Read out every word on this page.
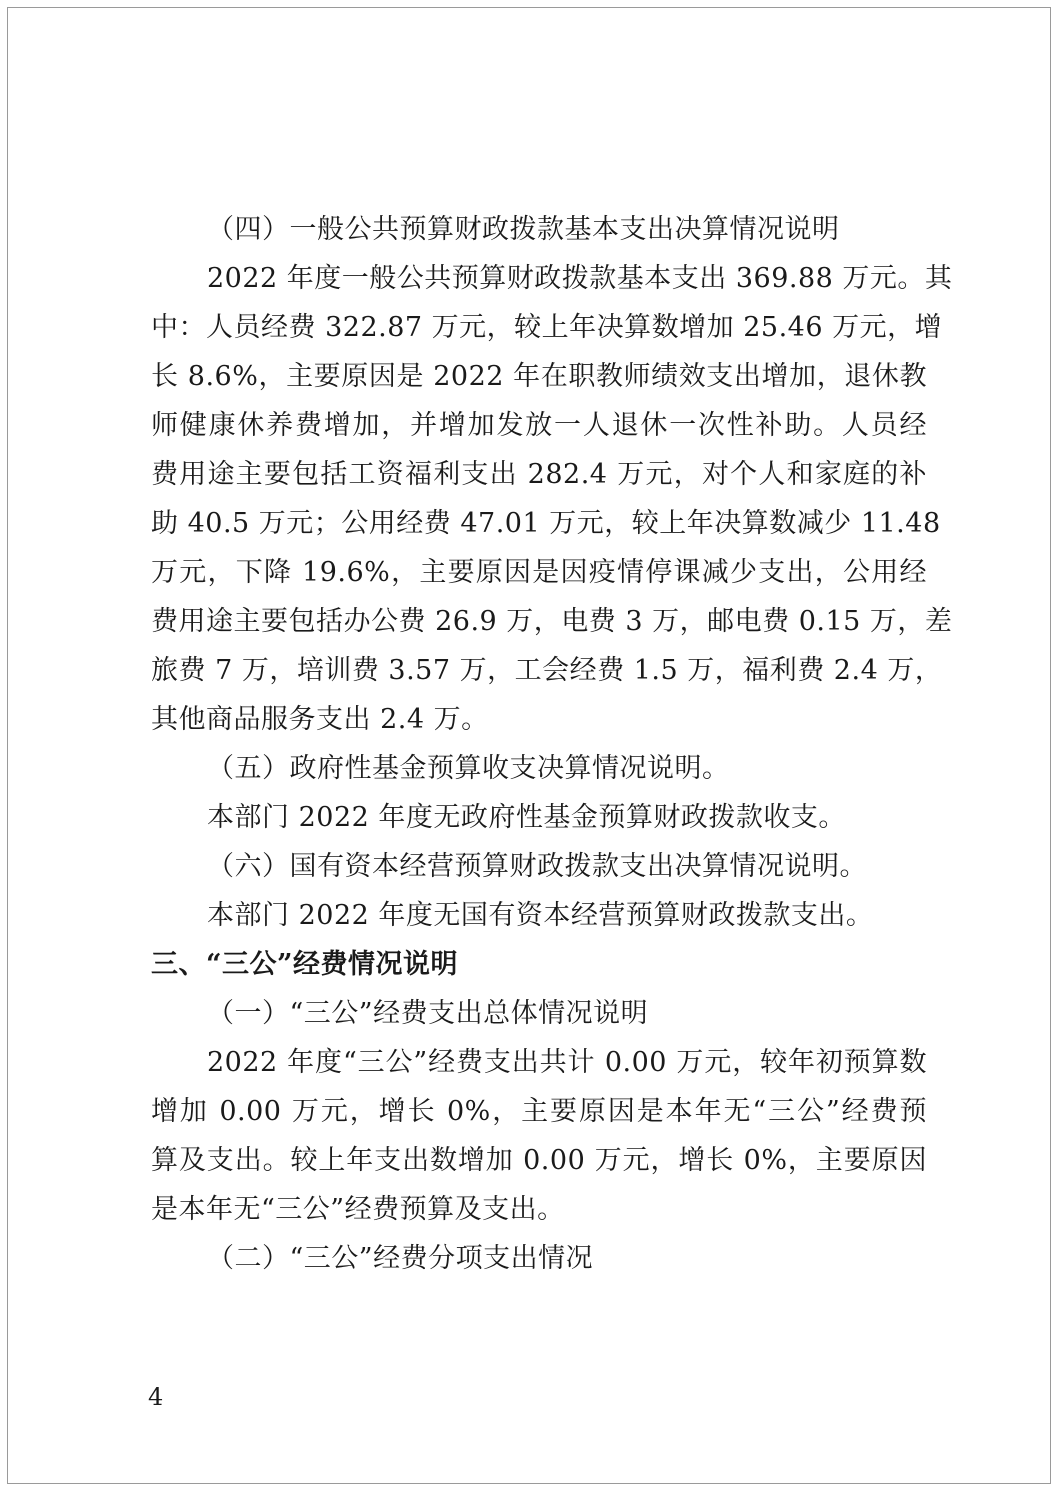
（四）一般公共预算财政拨款基本支出决算情况说明
2022 年度一般公共预算财政拨款基本支出 369.88 万元。其
中：人员经费 322.87 万元，较上年决算数增加 25.46 万元，增
长 8.6%，主要原因是 2022 年在职教师绩效支出增加，退休教
师健康休养费增加，并增加发放一人退休一次性补助。人员经
费用途主要包括工资福利支出 282.4 万元，对个人和家庭的补
助 40.5 万元；公用经费 47.01 万元，较上年决算数减少 11.48
万元，下降 19.6%，主要原因是因疫情停课减少支出，公用经
费用途主要包括办公费 26.9 万，电费 3 万，邮电费 0.15 万，差
旅费 7 万，培训费 3.57 万，工会经费 1.5 万，福利费 2.4 万，
其他商品服务支出 2.4 万。
（五）政府性基金预算收支决算情况说明。
本部门 2022 年度无政府性基金预算财政拨款收支。
（六）国有资本经营预算财政拨款支出决算情况说明。
本部门 2022 年度无国有资本经营预算财政拨款支出。
三、“三公”经费情况说明
（一）“三公”经费支出总体情况说明
2022 年度“三公”经费支出共计 0.00 万元，较年初预算数
增加 0.00 万元，增长 0%，主要原因是本年无“三公”经费预
算及支出。较上年支出数增加 0.00 万元，增长 0%，主要原因
是本年无“三公”经费预算及支出。
（二）“三公”经费分项支出情况
4
